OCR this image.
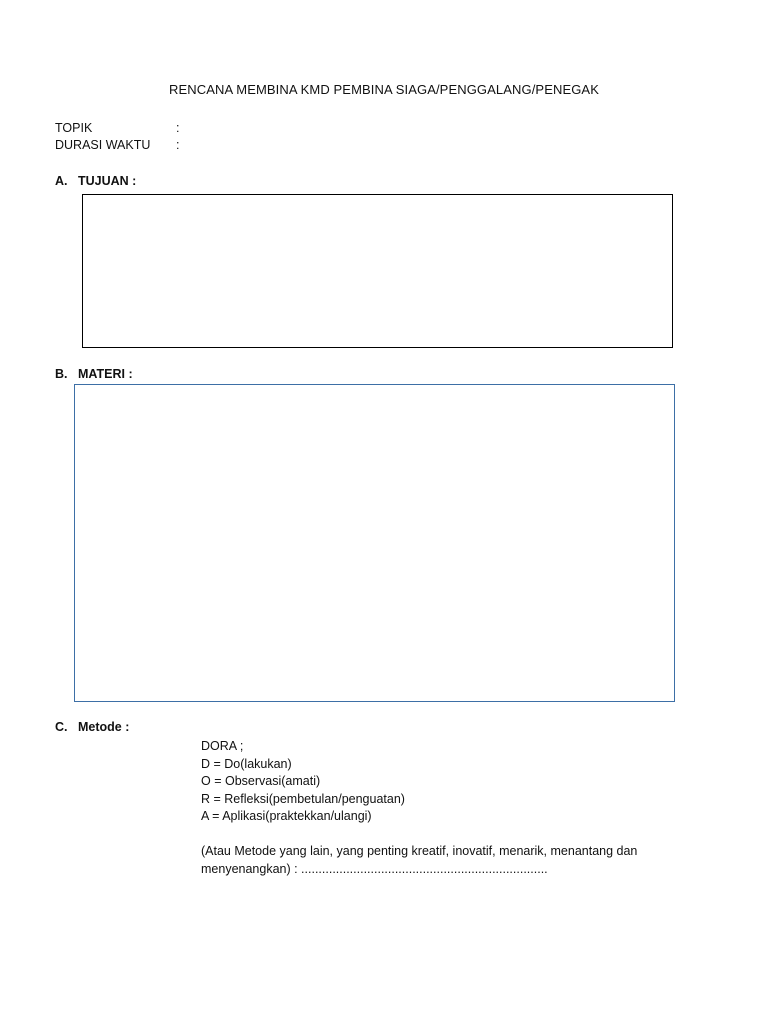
RENCANA MEMBINA KMD PEMBINA SIAGA/PENGGALANG/PENEGAK
TOPIK	:
DURASI WAKTU :
A. TUJUAN :
B. MATERI :
C. Metode :
DORA ;
D = Do(lakukan)
O = Observasi(amati)
R = Refleksi(pembetulan/penguatan)
A = Aplikasi(praktekkan/ulangi)
(Atau Metode yang lain, yang penting kreatif, inovatif, menarik, menantang dan
menyenangkan) : .......................................................................
